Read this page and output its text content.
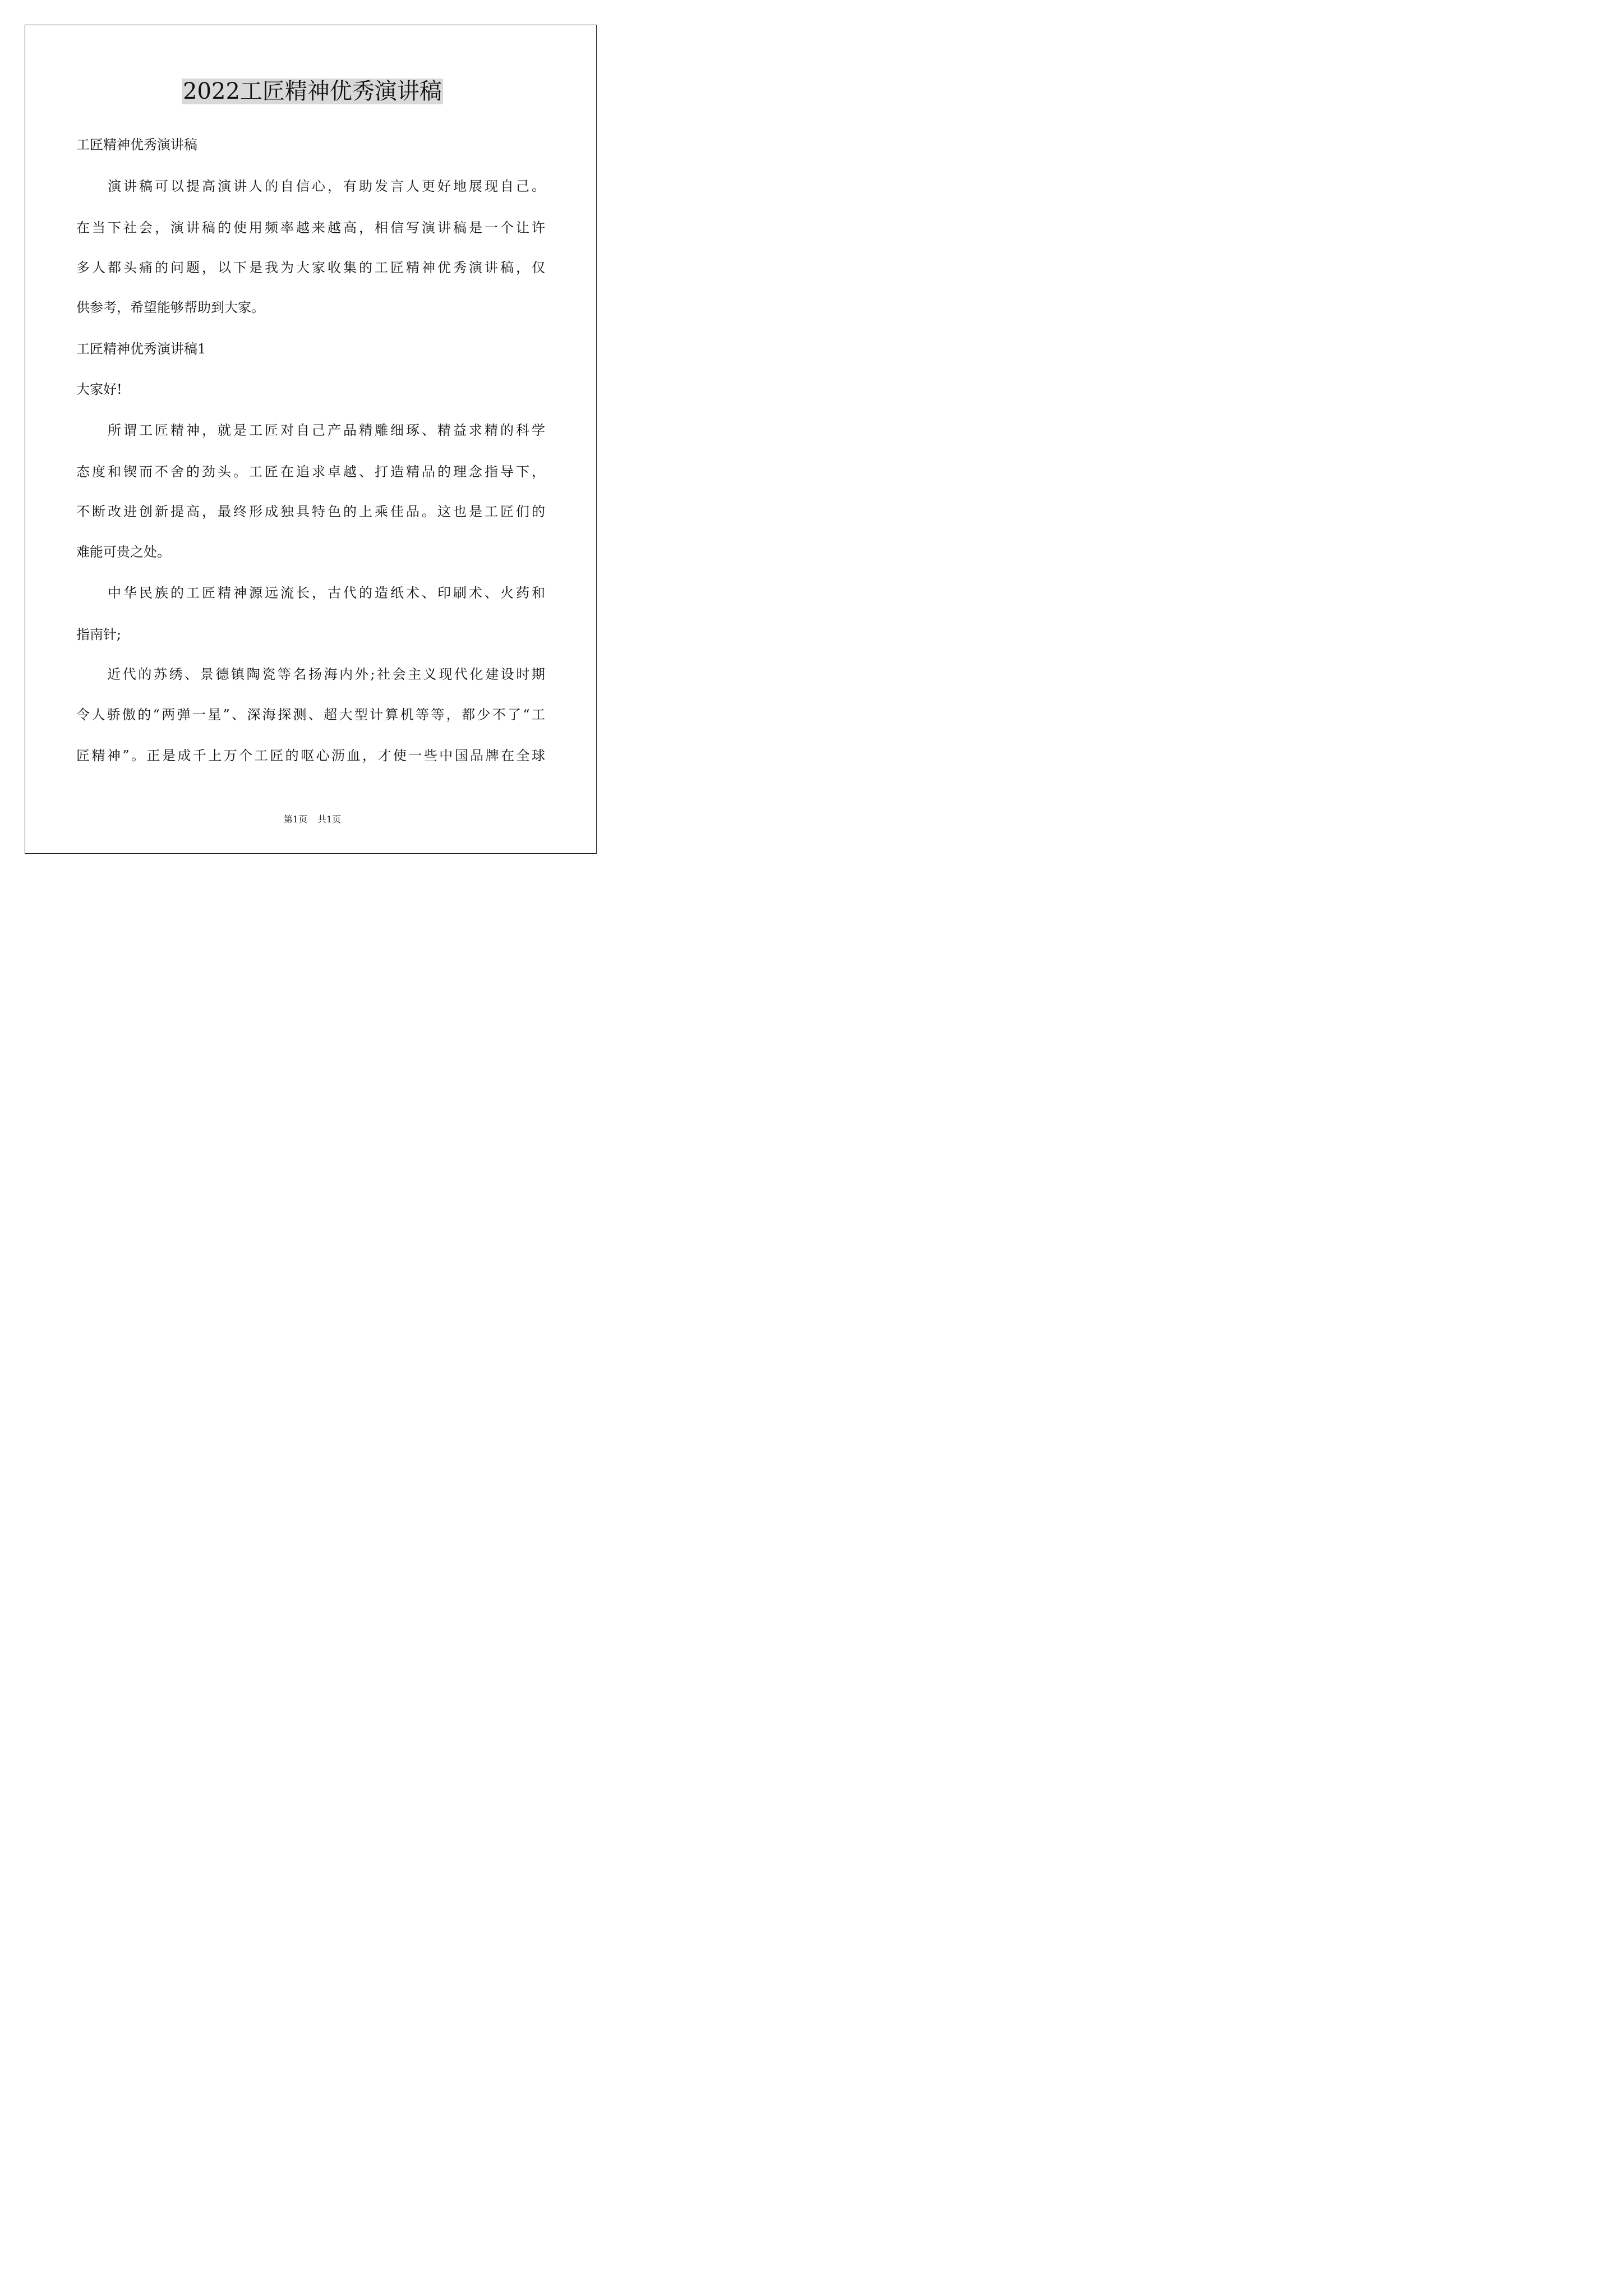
2022工匠精神优秀演讲稿

工匠精神优秀演讲稿

　　演讲稿可以提高演讲人的自信心，有助发言人更好地展现自己。

在当下社会，演讲稿的使用频率越来越高，相信写演讲稿是一个让许

多人都头痛的问题，以下是我为大家收集的工匠精神优秀演讲稿，仅

供参考，希望能够帮助到大家。

工匠精神优秀演讲稿1

大家好!

　　所谓工匠精神，就是工匠对自己产品精雕细琢、精益求精的科学

态度和锲而不舍的劲头。工匠在追求卓越、打造精品的理念指导下，

不断改进创新提高，最终形成独具特色的上乘佳品。这也是工匠们的

难能可贵之处。

　　中华民族的工匠精神源远流长，古代的造纸术、印刷术、火药和

指南针;

　　近代的苏绣、景德镇陶瓷等名扬海内外;社会主义现代化建设时期

令人骄傲的“两弹一星”、深海探测、超大型计算机等等，都少不了“工

匠精神”。正是成千上万个工匠的呕心沥血，才使一些中国品牌在全球

第1页 共1页
